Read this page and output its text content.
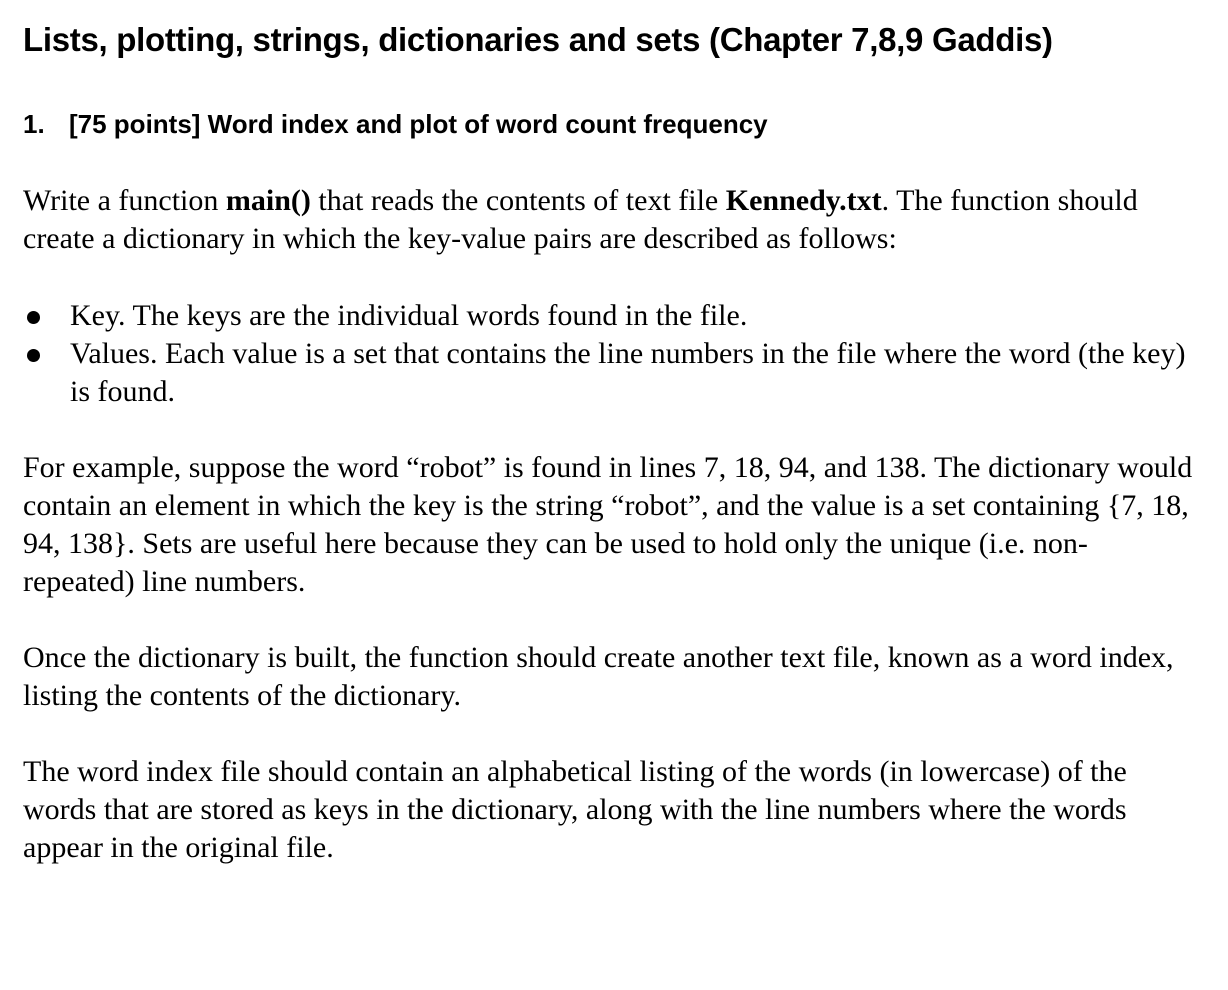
Lists, plotting, strings, dictionaries and sets (Chapter 7,8,9 Gaddis)
1. [75 points] Word index and plot of word count frequency

Write a function main() that reads the contents of text file Kennedy.txt. The function should create a dictionary in which the key-value pairs are described as follows:

Key. The keys are the individual words found in the file.
Values. Each value is a set that contains the line numbers in the file where the word (the key) is found.

For example, suppose the word “robot” is found in lines 7, 18, 94, and 138. The dictionary would contain an element in which the key is the string “robot”, and the value is a set containing {7, 18, 94, 138}. Sets are useful here because they can be used to hold only the unique (i.e. non- repeated) line numbers.

Once the dictionary is built, the function should create another text file, known as a word index, listing the contents of the dictionary.

The word index file should contain an alphabetical listing of the words (in lowercase) of the words that are stored as keys in the dictionary, along with the line numbers where the words appear in the original file.
